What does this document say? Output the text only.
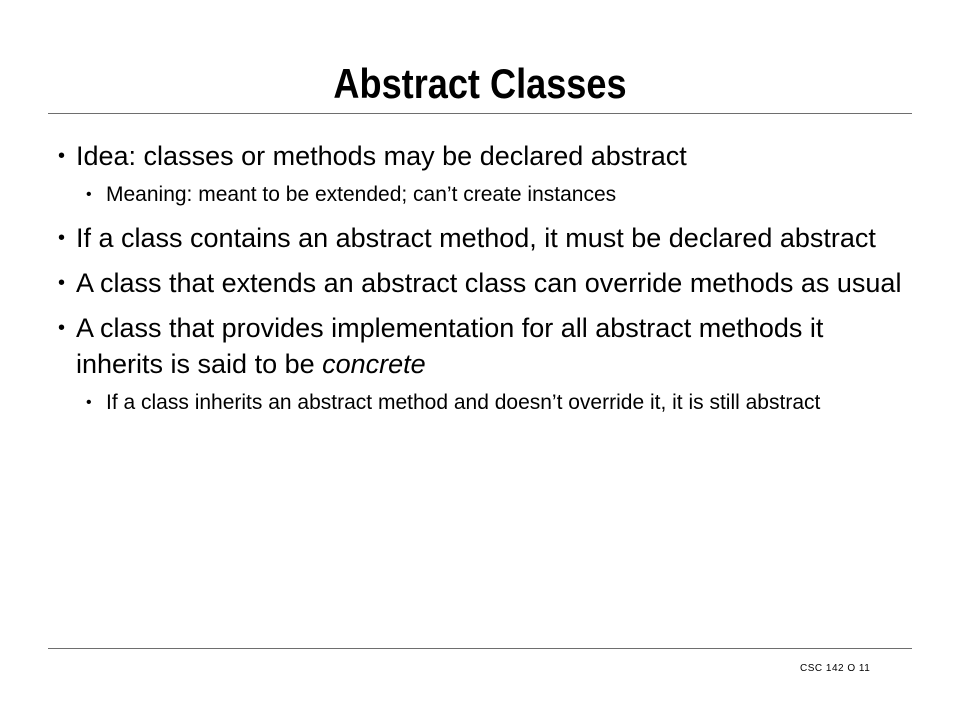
Abstract Classes
• Idea: classes or methods may be declared abstract
• Meaning: meant to be extended; can’t create instances
• If a class contains an abstract method, it must be declared abstract
• A class that extends an abstract class can override methods as usual
• A class that provides implementation for all abstract methods it inherits is said to be concrete
• If a class inherits an abstract method and doesn’t override it, it is still abstract
CSC 142 O 11
